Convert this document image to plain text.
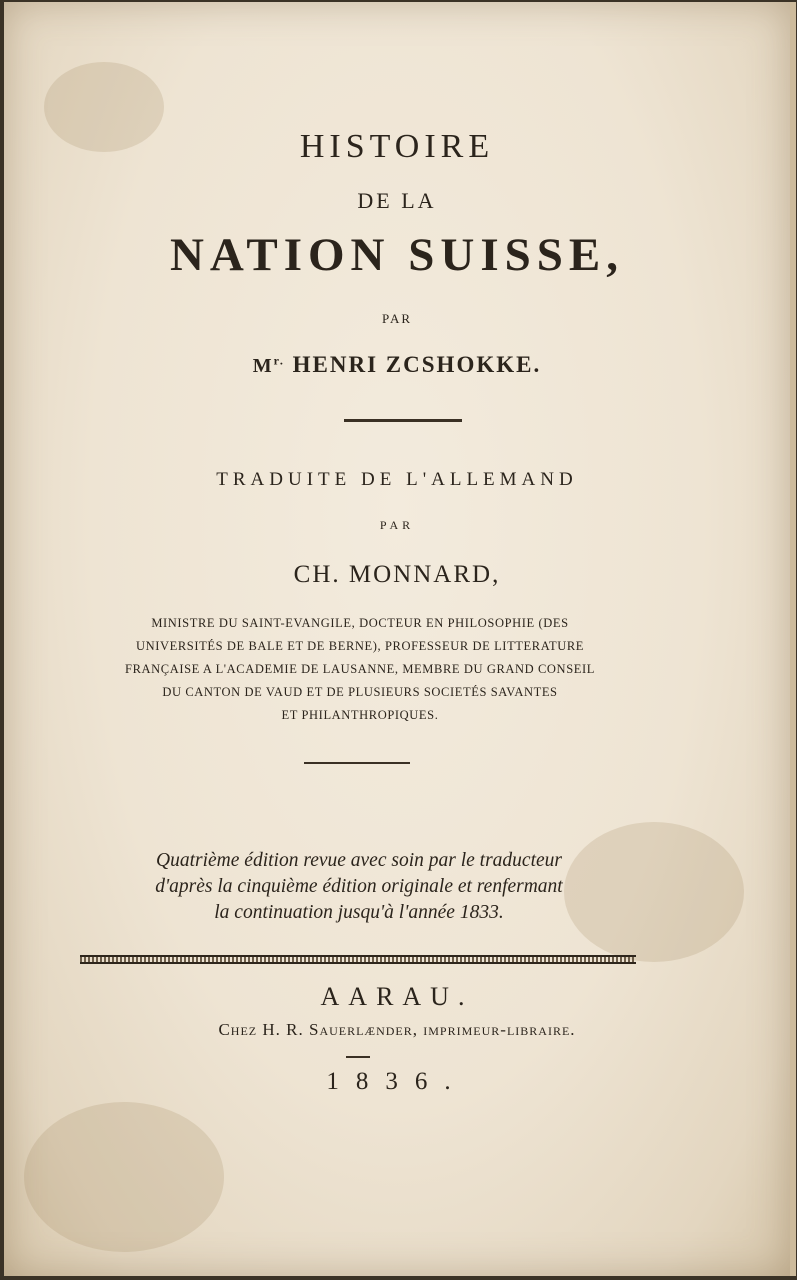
HISTOIRE
DE LA
NATION SUISSE,
PAR
$M^{r.}$ HENRI ZCSHOKKE.
TRADUITE DE L'ALLEMAND
PAR
CH. MONNARD,
MINISTRE DU SAINT-EVANGILE, DOCTEUR EN PHILOSOPHIE (DES
UNIVERSITÉS DE BALE ET DE BERNE), PROFESSEUR DE LITTERATURE
FRANÇAISE A L'ACADEMIE DE LAUSANNE, MEMBRE DU GRAND CONSEIL
DU CANTON DE VAUD ET DE PLUSIEURS SOCIETÉS SAVANTES
ET PHILANTHROPIQUES.
Quatrième édition revue avec soin par le traducteur
d'après la cinquième édition originale et renfermant
la continuation jusqu'à l'année 1833.
AARAU.
Chez H. R. Sauerlænder, imprimeur-libraire.
1836.
